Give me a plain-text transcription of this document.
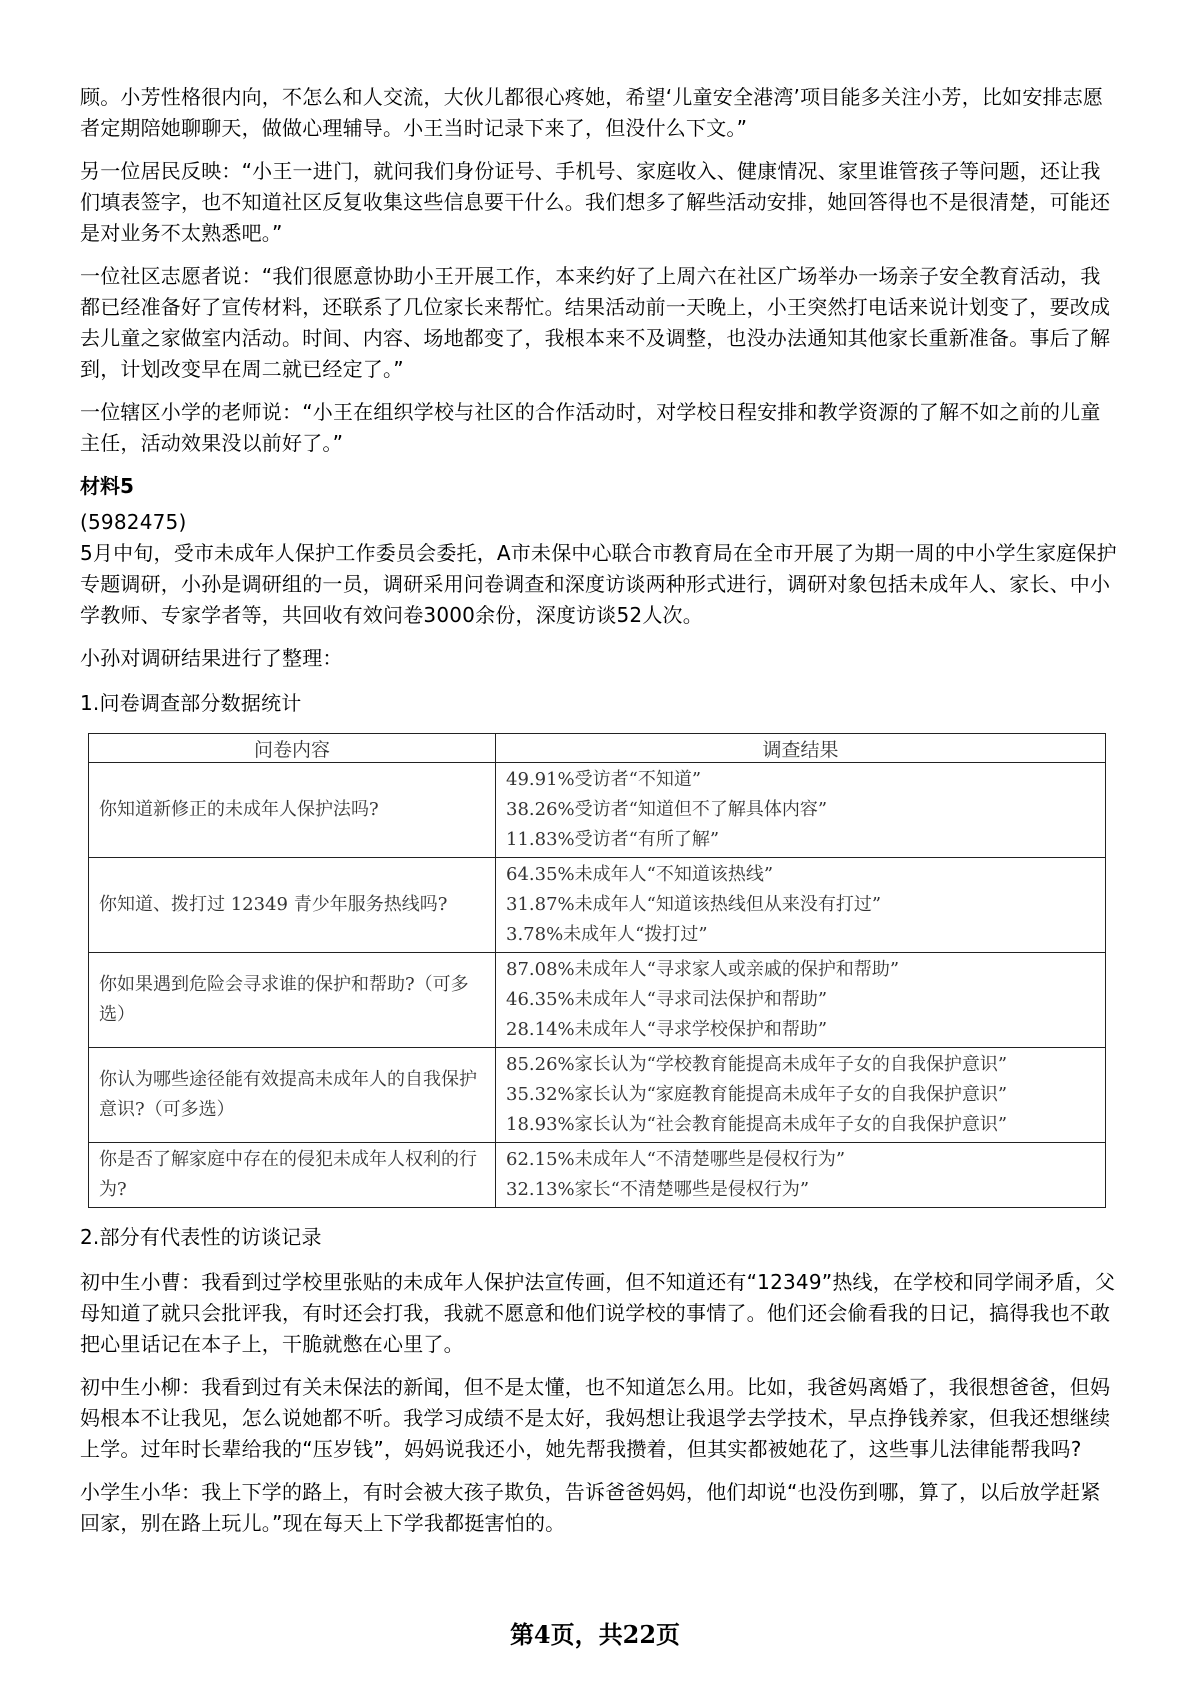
顾。小芳性格很内向，不怎么和人交流，大伙儿都很心疼她，希望‘儿童安全港湾’项目能多关注小芳，比如安排志愿者定期陪她聊聊天，做做心理辅导。小王当时记录下来了，但没什么下文。”

另一位居民反映：“小王一进门，就问我们身份证号、手机号、家庭收入、健康情况、家里谁管孩子等问题，还让我们填表签字，也不知道社区反复收集这些信息要干什么。我们想多了解些活动安排，她回答得也不是很清楚，可能还是对业务不太熟悉吧。”

一位社区志愿者说：“我们很愿意协助小王开展工作，本来约好了上周六在社区广场举办一场亲子安全教育活动，我都已经准备好了宣传材料，还联系了几位家长来帮忙。结果活动前一天晚上，小王突然打电话来说计划变了，要改成去儿童之家做室内活动。时间、内容、场地都变了，我根本来不及调整，也没办法通知其他家长重新准备。事后了解到，计划改变早在周二就已经定了。”

一位辖区小学的老师说：“小王在组织学校与社区的合作活动时，对学校日程安排和教学资源的了解不如之前的儿童主任，活动效果没以前好了。”

材料5

(5982475)

5月中旬，受市未成年人保护工作委员会委托，A市未保中心联合市教育局在全市开展了为期一周的中小学生家庭保护专题调研，小孙是调研组的一员，调研采用问卷调查和深度访谈两种形式进行，调研对象包括未成年人、家长、中小学教师、专家学者等，共回收有效问卷3000余份，深度访谈52人次。

小孙对调研结果进行了整理：

1.问卷调查部分数据统计

问卷内容	调查结果
你知道新修正的未成年人保护法吗?	49.91%受访者“不知道”
38.26%受访者“知道但不了解具体内容”
11.83%受访者“有所了解”

你知道、拨打过 12349 青少年服务热线吗?	64.35%未成年人“不知道该热线”
31.87%未成年人“知道该热线但从来没有打过”
3.78%未成年人“拨打过”

你如果遇到危险会寻求谁的保护和帮助?（可多选）	87.08%未成年人“寻求家人或亲戚的保护和帮助”
46.35%未成年人“寻求司法保护和帮助”
28.14%未成年人“寻求学校保护和帮助”

你认为哪些途径能有效提高未成年人的自我保护意识?（可多选）	85.26%家长认为“学校教育能提高未成年子女的自我保护意识”
35.32%家长认为“家庭教育能提高未成年子女的自我保护意识”
18.93%家长认为“社会教育能提高未成年子女的自我保护意识”

你是否了解家庭中存在的侵犯未成年人权利的行为?	62.15%未成年人“不清楚哪些是侵权行为”
32.13%家长“不清楚哪些是侵权行为”

2.部分有代表性的访谈记录

初中生小曹：我看到过学校里张贴的未成年人保护法宣传画，但不知道还有“12349”热线，在学校和同学闹矛盾，父母知道了就只会批评我，有时还会打我，我就不愿意和他们说学校的事情了。他们还会偷看我的日记，搞得我也不敢把心里话记在本子上，干脆就憋在心里了。

初中生小柳：我看到过有关未保法的新闻，但不是太懂，也不知道怎么用。比如，我爸妈离婚了，我很想爸爸，但妈妈根本不让我见，怎么说她都不听。我学习成绩不是太好，我妈想让我退学去学技术，早点挣钱养家，但我还想继续上学。过年时长辈给我的“压岁钱”，妈妈说我还小，她先帮我攒着，但其实都被她花了，这些事儿法律能帮我吗?

小学生小华：我上下学的路上，有时会被大孩子欺负，告诉爸爸妈妈，他们却说“也没伤到哪，算了，以后放学赶紧回家，别在路上玩儿。”现在每天上下学我都挺害怕的。

第4页，共22页
